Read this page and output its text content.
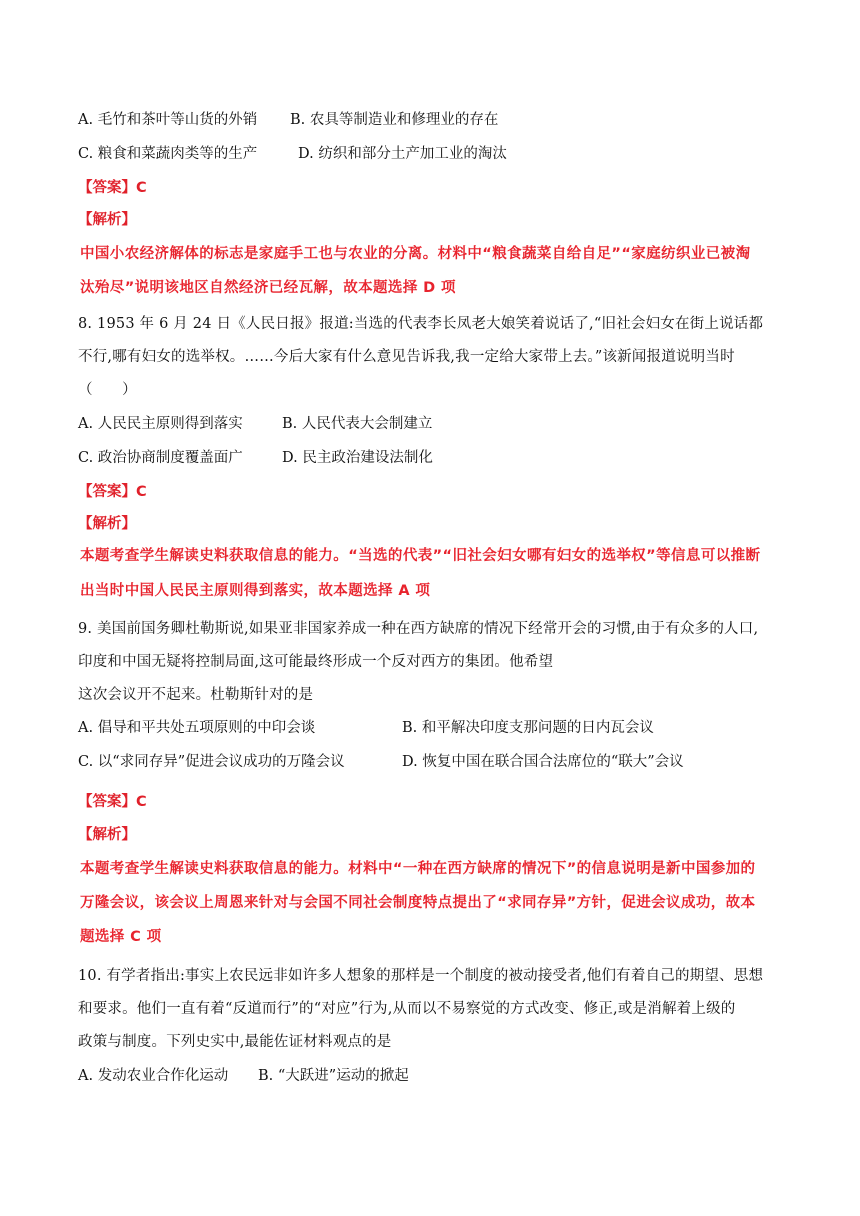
A. 毛竹和茶叶等山货的外销 B. 农具等制造业和修理业的存在
C. 粮食和菜蔬肉类等的生产	D. 纺织和部分土产加工业的淘汰
【答案】C
【解析】
中国小农经济解体的标志是家庭手工也与农业的分离。材料中“粮食蔬菜自给自足”“家庭纺织业已被淘
汰殆尽”说明该地区自然经济已经瓦解，故本题选择 D 项
8. 1953 年 6 月 24 日《人民日报》报道:当选的代表李长凤老大娘笑着说话了,“旧社会妇女在街上说话都
不行,哪有妇女的选举权。……今后大家有什么意见告诉我,我一定给大家带上去。”该新闻报道说明当时
（　　）
A. 人民民主原则得到落实	B. 人民代表大会制建立
C. 政治协商制度覆盖面广	D. 民主政治建设法制化
【答案】C
【解析】
本题考查学生解读史料获取信息的能力。“当选的代表”“旧社会妇女哪有妇女的选举权”等信息可以推断
出当时中国人民民主原则得到落实，故本题选择 A 项
9. 美国前国务卿杜勒斯说,如果亚非国家养成一种在西方缺席的情况下经常开会的习惯,由于有众多的人口,
印度和中国无疑将控制局面,这可能最终形成一个反对西方的集团。他希望
这次会议开不起来。杜勒斯针对的是
A. 倡导和平共处五项原则的中印会谈	B. 和平解决印度支那问题的日内瓦会议
C. 以“求同存异”促进会议成功的万隆会议	D. 恢复中国在联合国合法席位的“联大”会议
【答案】C
【解析】
本题考查学生解读史料获取信息的能力。材料中“一种在西方缺席的情况下”的信息说明是新中国参加的
万隆会议，该会议上周恩来针对与会国不同社会制度特点提出了“求同存异”方针，促进会议成功，故本
题选择 C 项
10. 有学者指出:事实上农民远非如许多人想象的那样是一个制度的被动接受者,他们有着自己的期望、思想
和要求。他们一直有着“反道而行”的“对应”行为,从而以不易察觉的方式改变、修正,或是消解着上级的
政策与制度。下列史实中,最能佐证材料观点的是
A. 发动农业合作化运动 B. “大跃进”运动的掀起
